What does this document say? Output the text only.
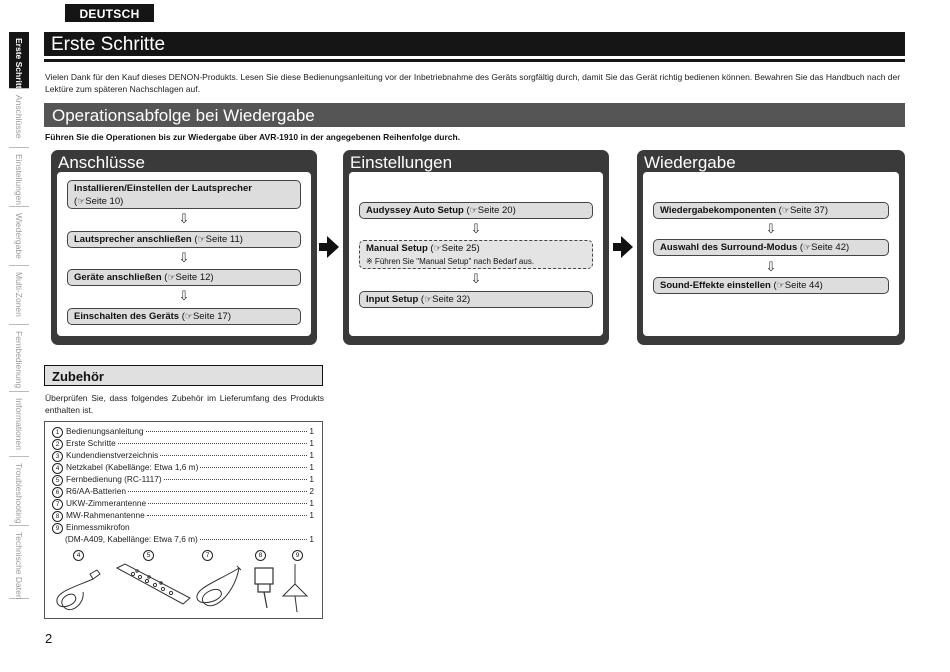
DEUTSCH
Erste Schritte
Anschlüsse
Einstellungen
Wiedergabe
Multi-Zonen
Fernbedienung
Informationen
Troubleshooting
Technische Daten
Erste Schritte
Vielen Dank für den Kauf dieses DENON-Produkts. Lesen Sie diese Bedienungsanleitung vor der Inbetriebnahme des Geräts sorgfältig durch, damit Sie das Gerät richtig bedienen können. Bewahren Sie das Handbuch nach der Lektüre zum späteren Nachschlagen auf.
Operationsabfolge bei Wiedergabe
Führen Sie die Operationen bis zur Wiedergabe über AVR-1910 in der angegebenen Reihenfolge durch.
Anschlüsse
Installieren/Einstellen der Lautsprecher
(☞Seite 10)
⇩
Lautsprecher anschließen (☞Seite 11)
⇩
Geräte anschließen (☞Seite 12)
⇩
Einschalten des Geräts (☞Seite 17)
Einstellungen
Audyssey Auto Setup (☞Seite 20)
⇩
Manual Setup (☞Seite 25)
※ Führen Sie "Manual Setup" nach Bedarf aus.
⇩
Input Setup (☞Seite 32)
Wiedergabe
Wiedergabekomponenten (☞Seite 37)
⇩
Auswahl des Surround-Modus (☞Seite 42)
⇩
Sound-Effekte einstellen (☞Seite 44)
Zubehör
Überprüfen Sie, dass folgendes Zubehör im Lieferumfang des Produkts enthalten ist.
1 Bedienungsanleitung	1
2 Erste Schritte	1
3 Kundendienstverzeichnis	1
4 Netzkabel (Kabellänge: Etwa 1,6 m)	1
5 Fernbedienung (RC-1117)	1
6 R6/AA-Batterien	2
7 UKW-Zimmerantenne	1
8 MW-Rahmenantenne	1
9 Einmessmikrofon
(DM-A409, Kabellänge: Etwa 7,6 m)	1
4	5	7	8	9
2
